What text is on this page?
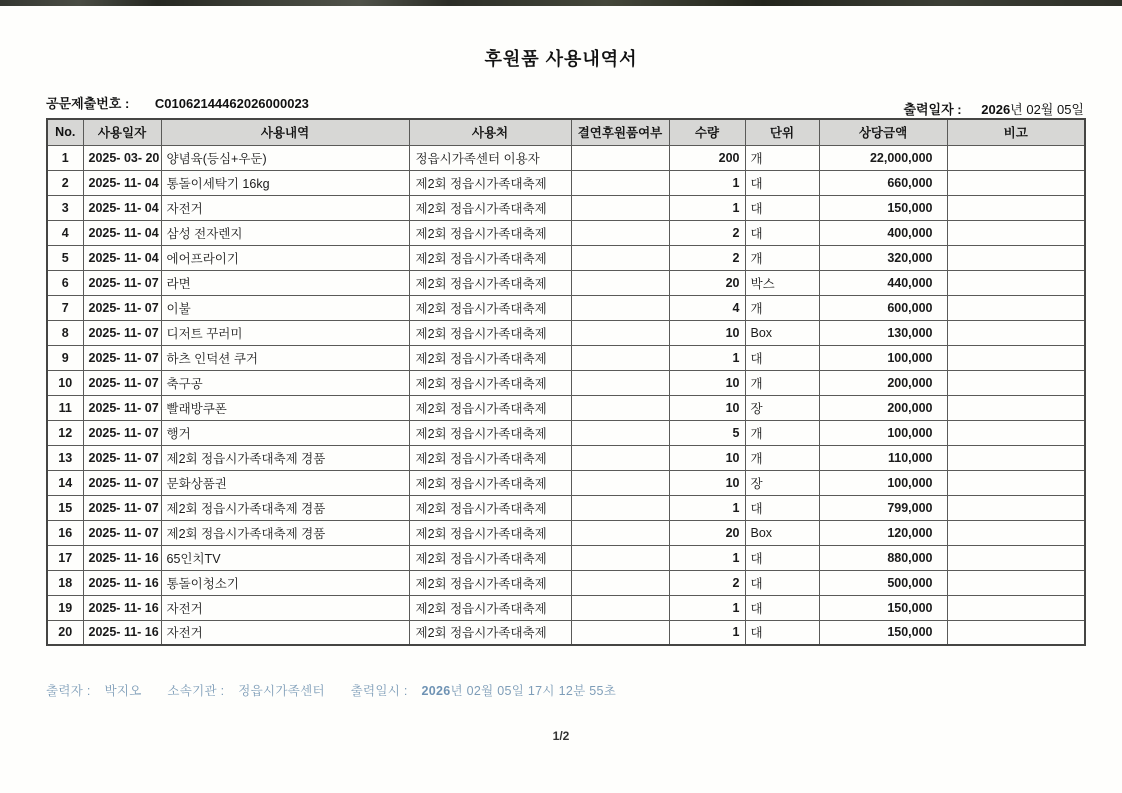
후원품 사용내역서
공문제출번호 : C01062144462026000023	출력일자 : 2026년 02월 05일
No.	사용일자	사용내역	사용처	결연후원품여부	수량	단위	상당금액	비고
1	2025- 03- 20	양념육(등심+우둔)	정읍시가족센터 이용자		200	개	22,000,000	
2	2025- 11- 04	통돌이세탁기 16kg	제2회 정읍시가족대축제		1	대	660,000	
3	2025- 11- 04	자전거	제2회 정읍시가족대축제		1	대	150,000	
4	2025- 11- 04	삼성 전자렌지	제2회 정읍시가족대축제		2	대	400,000	
5	2025- 11- 04	에어프라이기	제2회 정읍시가족대축제		2	개	320,000	
6	2025- 11- 07	라면	제2회 정읍시가족대축제		20	박스	440,000	
7	2025- 11- 07	이불	제2회 정읍시가족대축제		4	개	600,000	
8	2025- 11- 07	디저트 꾸러미	제2회 정읍시가족대축제		10	Box	130,000	
9	2025- 11- 07	하츠 인덕션 쿠거	제2회 정읍시가족대축제		1	대	100,000	
10	2025- 11- 07	축구공	제2회 정읍시가족대축제		10	개	200,000	
11	2025- 11- 07	빨래방쿠폰	제2회 정읍시가족대축제		10	장	200,000	
12	2025- 11- 07	행거	제2회 정읍시가족대축제		5	개	100,000	
13	2025- 11- 07	제2회 정읍시가족대축제 경품	제2회 정읍시가족대축제		10	개	110,000	
14	2025- 11- 07	문화상품권	제2회 정읍시가족대축제		10	장	100,000	
15	2025- 11- 07	제2회 정읍시가족대축제 경품	제2회 정읍시가족대축제		1	대	799,000	
16	2025- 11- 07	제2회 정읍시가족대축제 경품	제2회 정읍시가족대축제		20	Box	120,000	
17	2025- 11- 16	65인치TV	제2회 정읍시가족대축제		1	대	880,000	
18	2025- 11- 16	통돌이청소기	제2회 정읍시가족대축제		2	대	500,000	
19	2025- 11- 16	자전거	제2회 정읍시가족대축제		1	대	150,000	
20	2025- 11- 16	자전거	제2회 정읍시가족대축제		1	대	150,000	
출력자 : 박지오 소속기관 : 정읍시가족센터 출력일시 : 2026년 02월 05일 17시 12분 55초
1/2
